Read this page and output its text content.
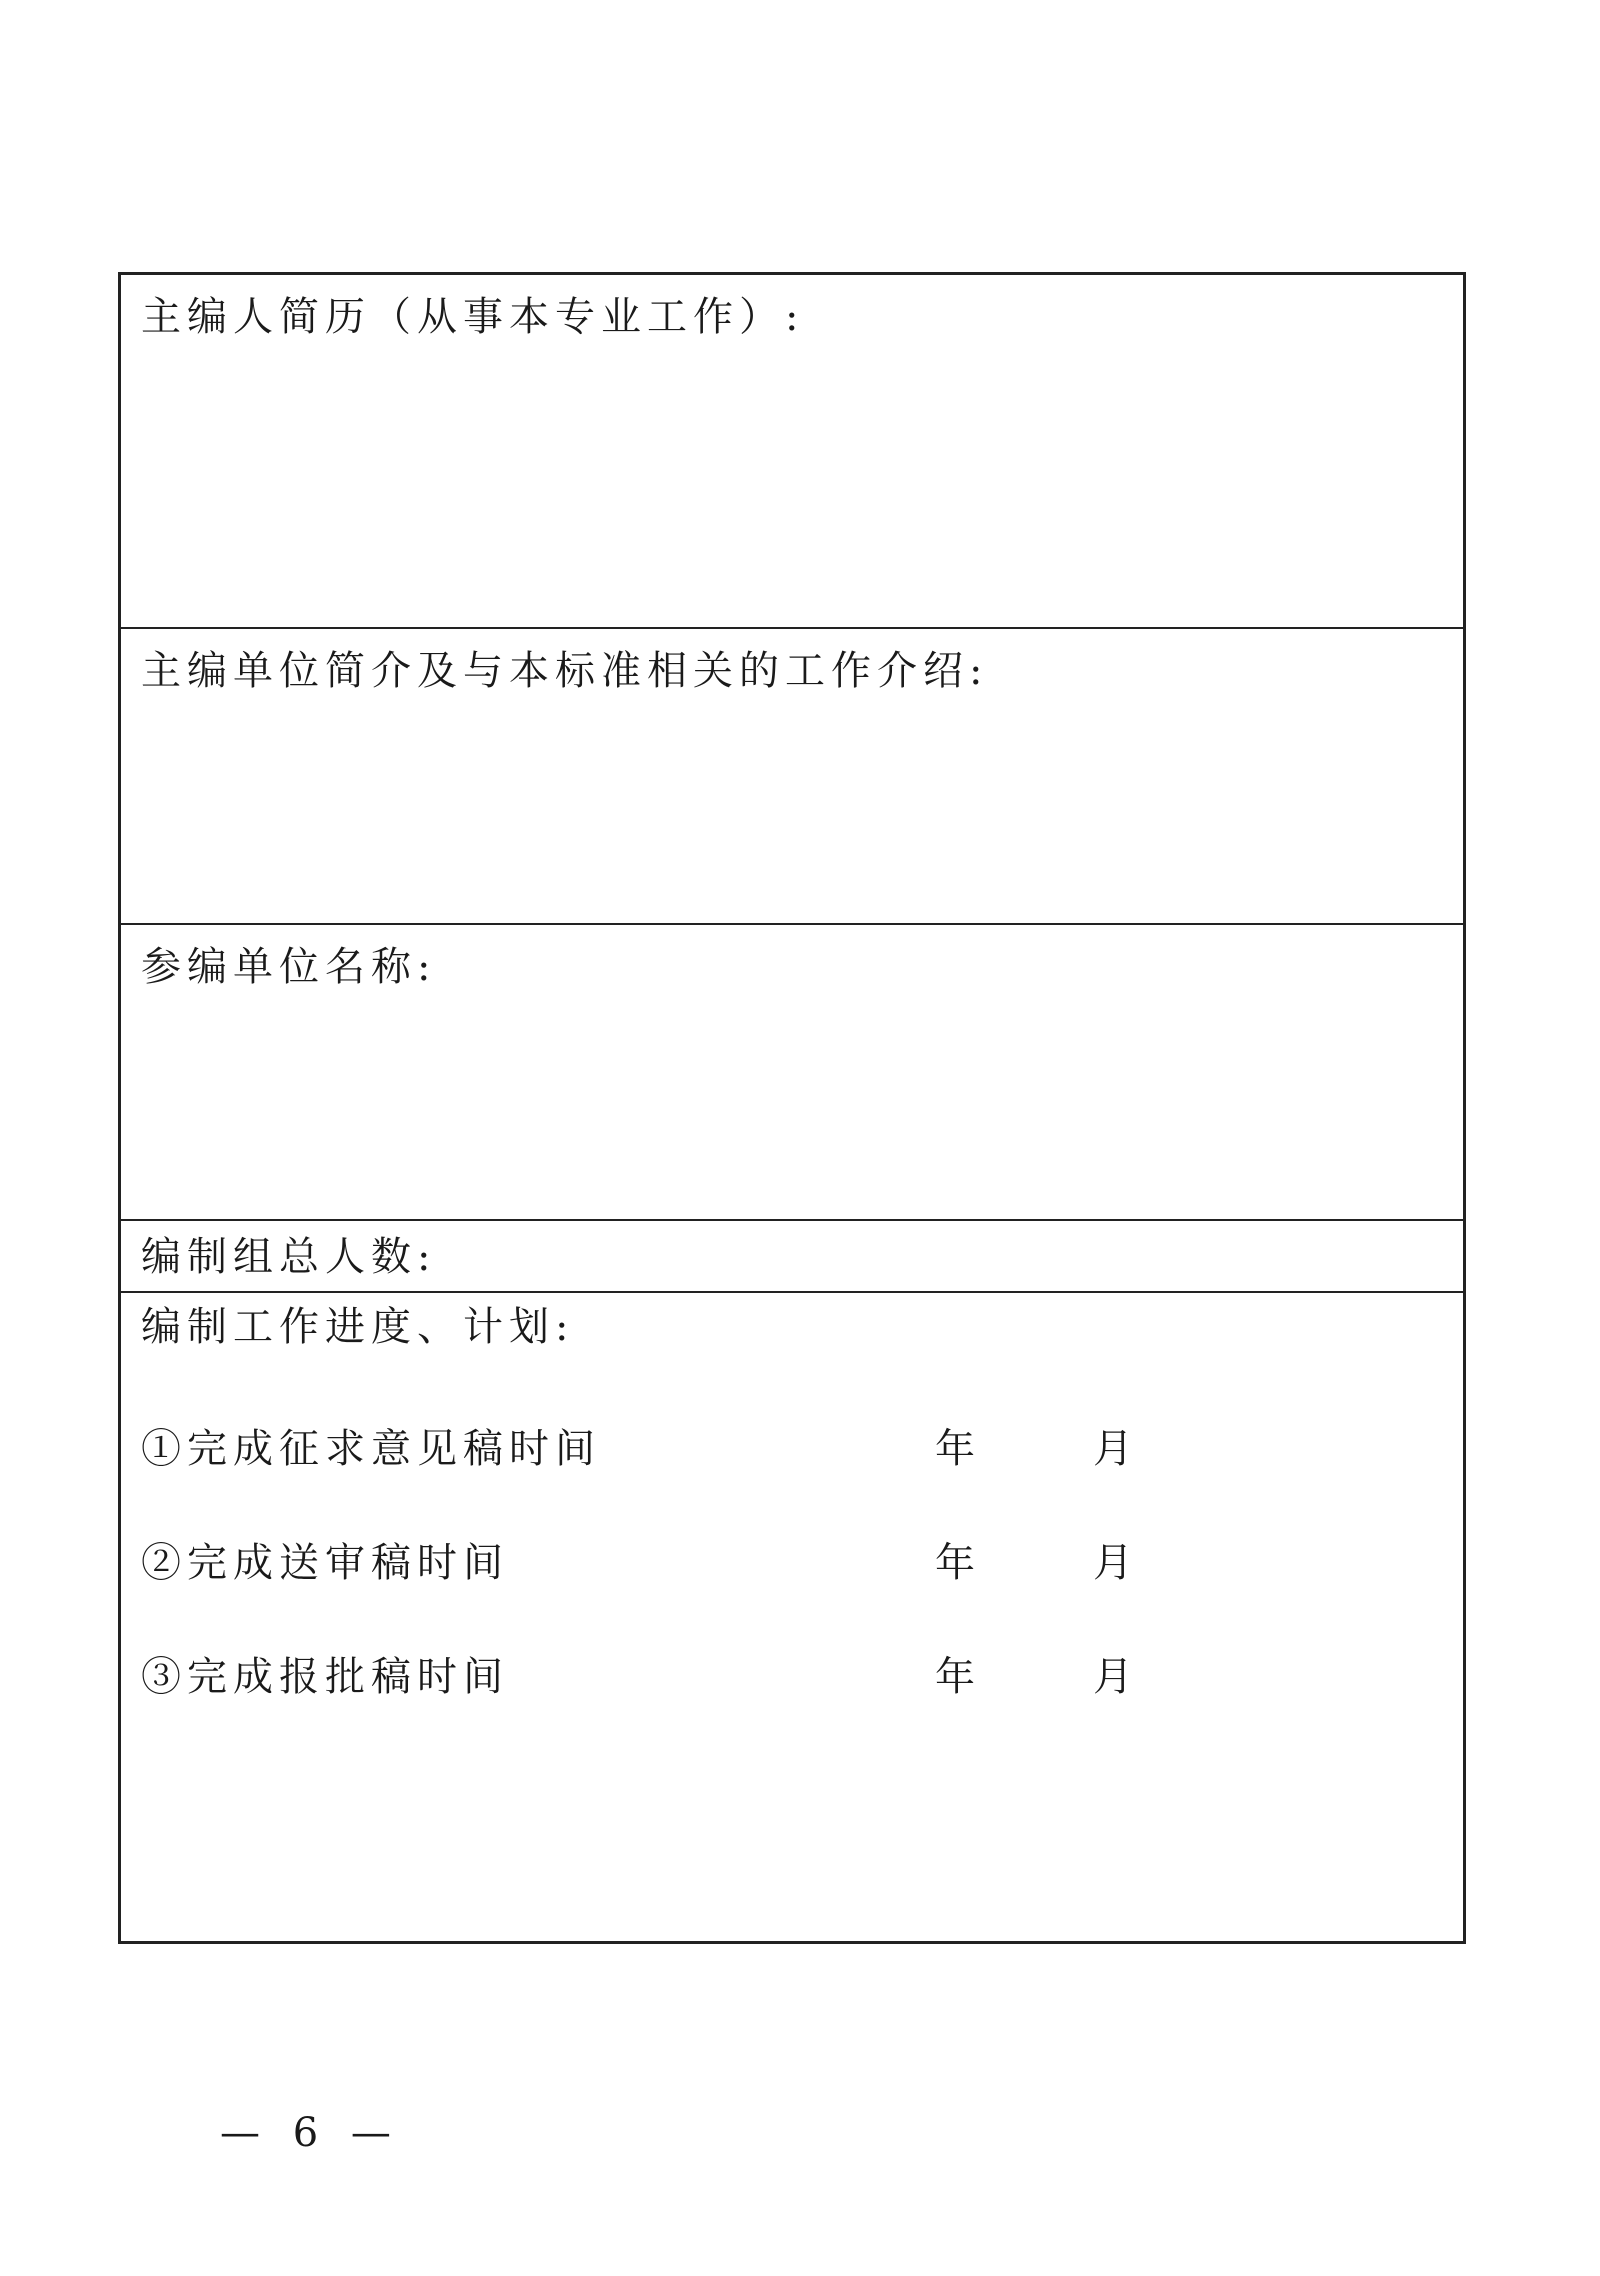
主编人简历（从事本专业工作）:
主编单位简介及与本标准相关的工作介绍:
参编单位名称:
编制组总人数:
编制工作进度、计划:
①完成征求意见稿时间	年	月
②完成送审稿时间	年	月
③完成报批稿时间	年	月
— 6 —
